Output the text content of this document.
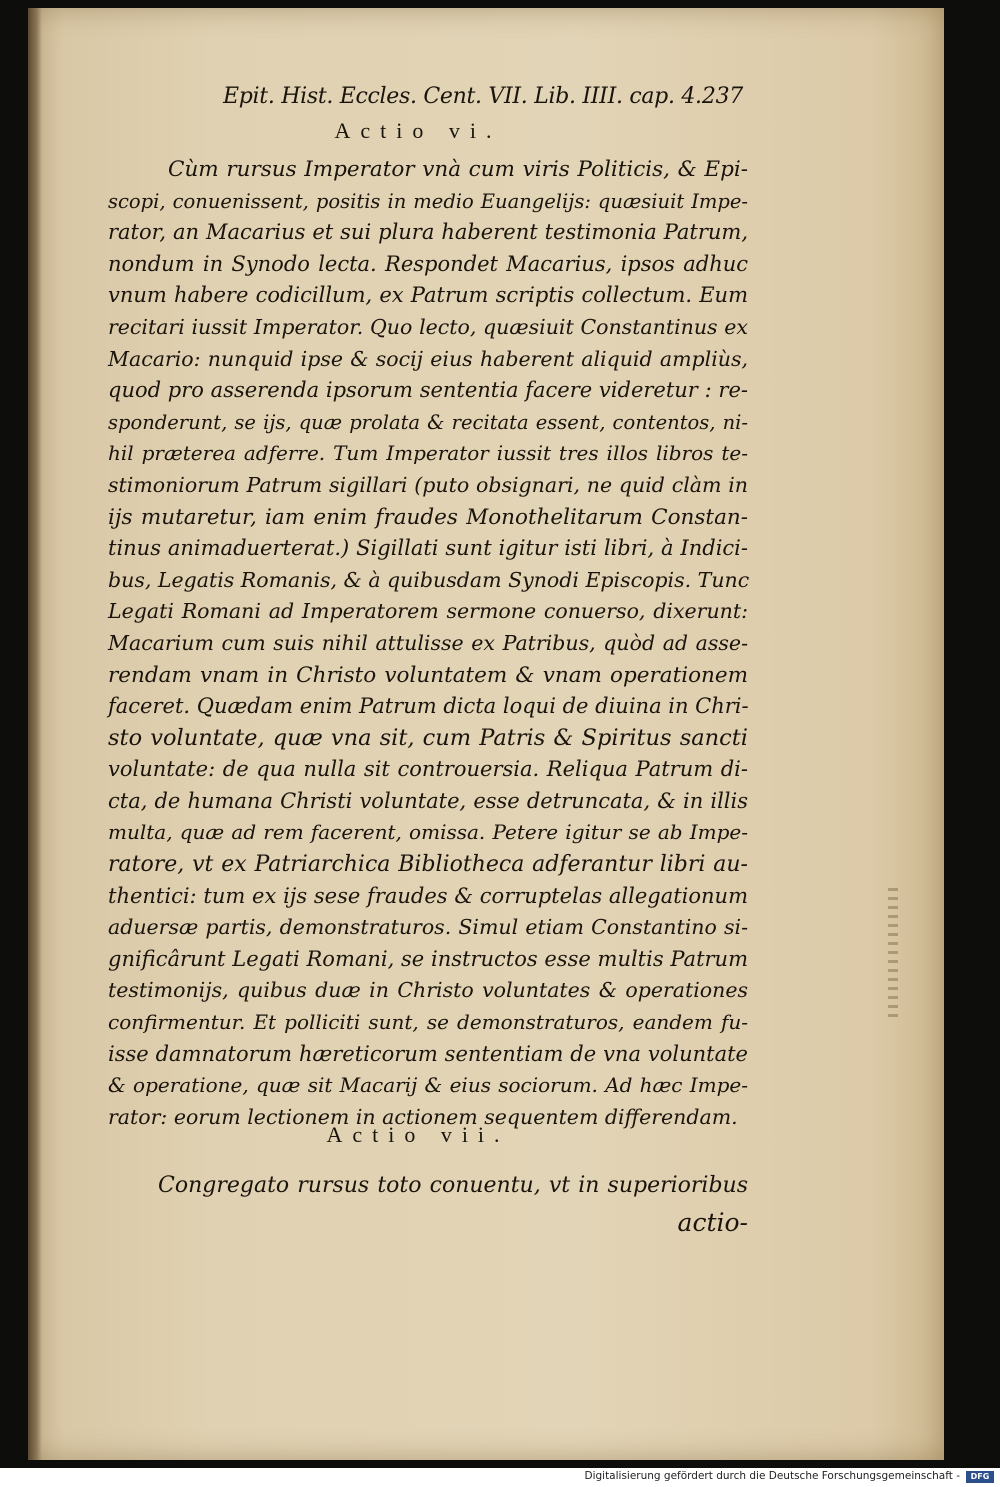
Epit. Hist. Eccles. Cent. VII. Lib. IIII. cap. 4. 237
Actio vi.
Cùm rursus Imperator vnà cum viris Politicis, & Epi-
scopi, conuenissent, positis in medio Euangelijs: quæsiuit Impe-
rator, an Macarius et sui plura haberent testimonia Patrum,
nondum in Synodo lecta. Respondet Macarius, ipsos adhuc
vnum habere codicillum, ex Patrum scriptis collectum. Eum
recitari iussit Imperator. Quo lecto, quæsiuit Constantinus ex
Macario: nunquid ipse & socij eius haberent aliquid ampliùs,
quod pro asserenda ipsorum sententia facere videretur : re-
sponderunt, se ijs, quæ prolata & recitata essent, contentos, ni-
hil præterea adferre. Tum Imperator iussit tres illos libros te-
stimoniorum Patrum sigillari (puto obsignari, ne quid clàm in
ijs mutaretur, iam enim fraudes Monothelitarum Constan-
tinus animaduerterat.) Sigillati sunt igitur isti libri, à Indici-
bus, Legatis Romanis, & à quibusdam Synodi Episcopis. Tunc
Legati Romani ad Imperatorem sermone conuerso, dixerunt:
Macarium cum suis nihil attulisse ex Patribus, quòd ad asse-
rendam vnam in Christo voluntatem & vnam operationem
faceret. Quædam enim Patrum dicta loqui de diuina in Chri-
sto voluntate, quæ vna sit, cum Patris & Spiritus sancti
voluntate: de qua nulla sit controuersia. Reliqua Patrum di-
cta, de humana Christi voluntate, esse detruncata, & in illis
multa, quæ ad rem facerent, omissa. Petere igitur se ab Impe-
ratore, vt ex Patriarchica Bibliotheca adferantur libri au-
thentici: tum ex ijs sese fraudes & corruptelas allegationum
aduersæ partis, demonstraturos. Simul etiam Constantino si-
gnificârunt Legati Romani, se instructos esse multis Patrum
testimonijs, quibus duæ in Christo voluntates & operationes
confirmentur. Et polliciti sunt, se demonstraturos, eandem fu-
isse damnatorum hæreticorum sententiam de vna voluntate
& operatione, quæ sit Macarij & eius sociorum. Ad hæc Impe-
rator: eorum lectionem in actionem sequentem differendam.
Actio vii.
Congregato rursus toto conuentu, vt in superioribus
actio-
Digitalisierung gefördert durch die Deutsche Forschungsgemeinschaft -	DFG
